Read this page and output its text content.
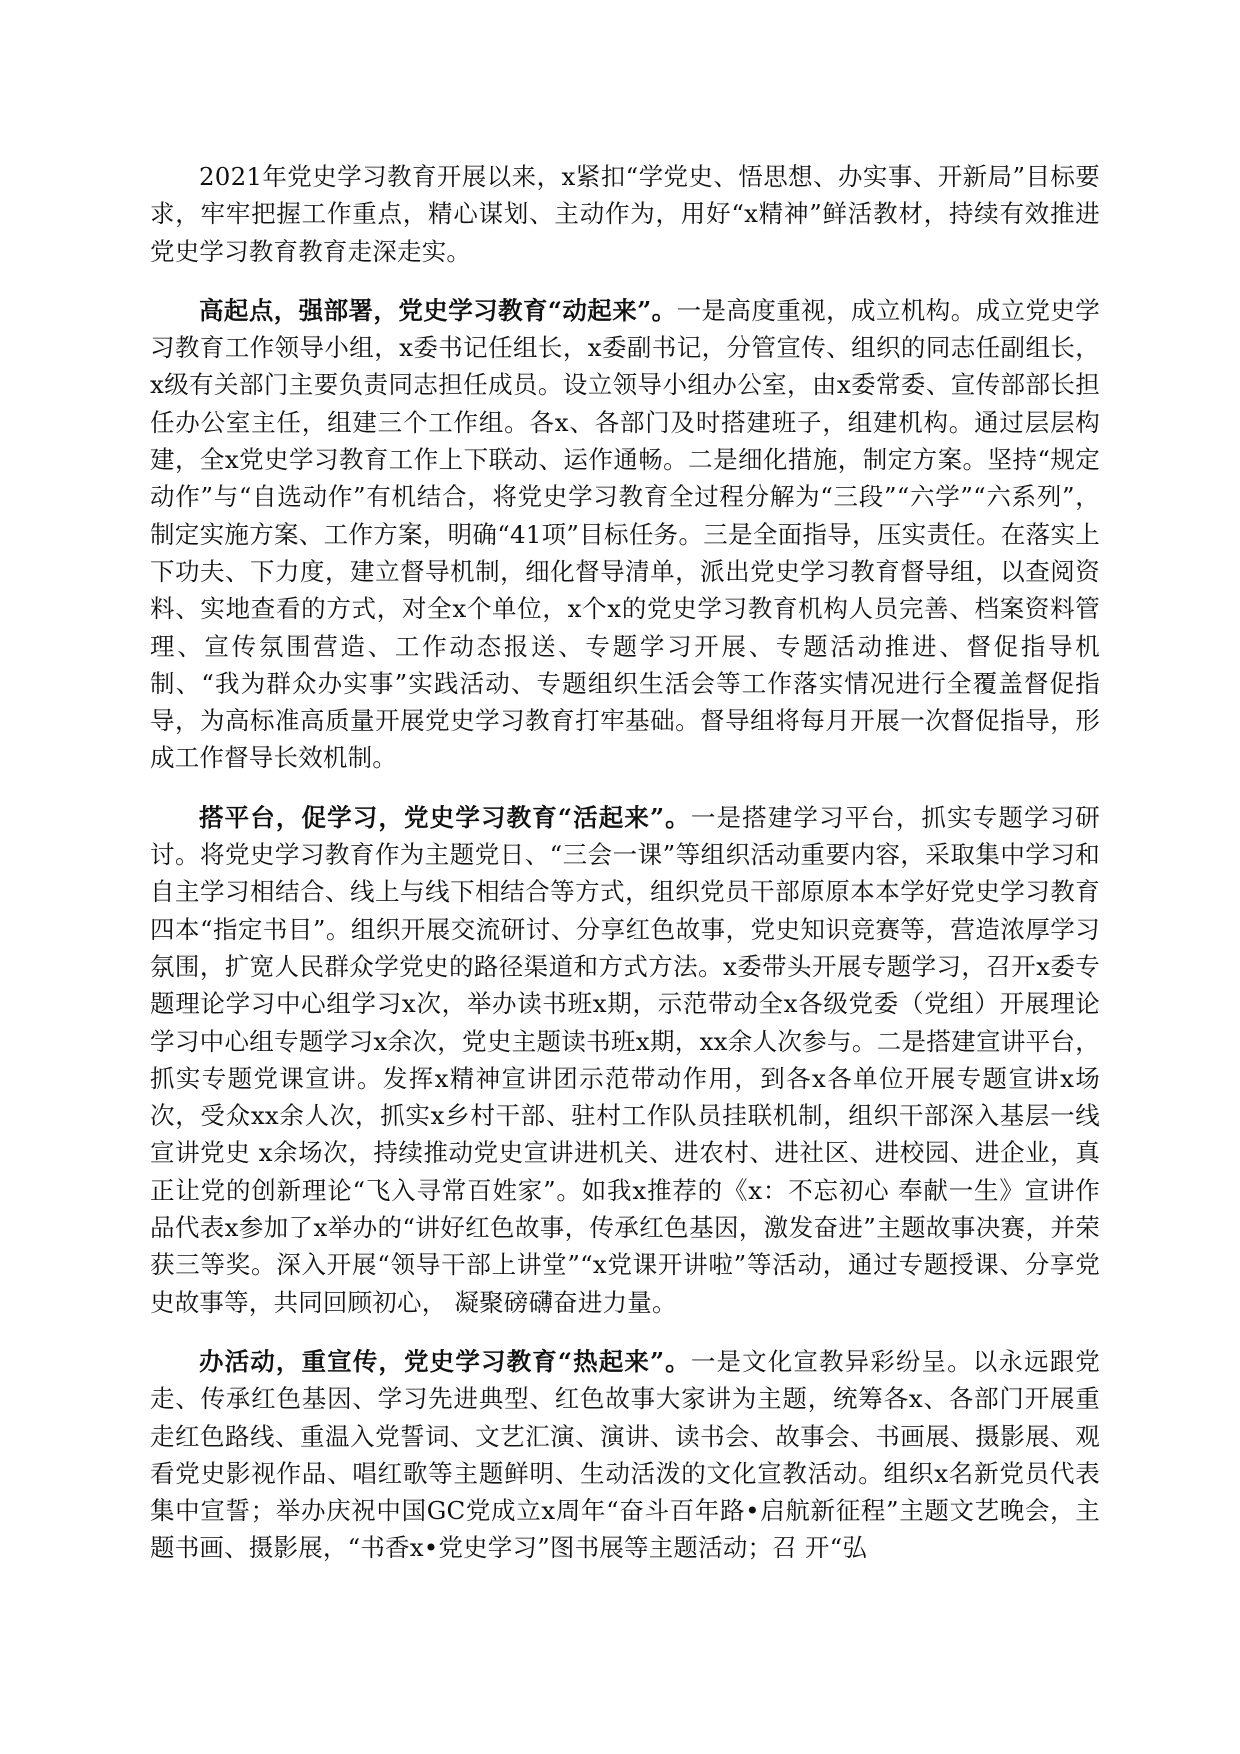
2021年党史学习教育开展以来，x紧扣“学党史、悟思想、办实事、开新局”目标要求，牢牢把握工作重点，精心谋划、主动作为，用好“x精神”鲜活教材，持续有效推进党史学习教育教育走深走实。

高起点，强部署，党史学习教育“动起来”。一是高度重视，成立机构。成立党史学习教育工作领导小组，x委书记任组长，x委副书记，分管宣传、组织的同志任副组长，x级有关部门主要负责同志担任成员。设立领导小组办公室，由x委常委、宣传部部长担任办公室主任，组建三个工作组。各x、各部门及时搭建班子，组建机构。通过层层构建，全x党史学习教育工作上下联动、运作通畅。二是细化措施，制定方案。坚持“规定动作”与“自选动作”有机结合，将党史学习教育全过程分解为“三段”“六学”“六系列”，制定实施方案、工作方案，明确“41项”目标任务。三是全面指导，压实责任。在落实上下功夫、下力度，建立督导机制，细化督导清单，派出党史学习教育督导组，以查阅资料、实地查看的方式，对全x个单位，x个x的党史学习教育机构人员完善、档案资料管理、宣传氛围营造、工作动态报送、专题学习开展、专题活动推进、督促指导机制、“我为群众办实事”实践活动、专题组织生活会等工作落实情况进行全覆盖督促指导，为高标准高质量开展党史学习教育打牢基础。督导组将每月开展一次督促指导，形成工作督导长效机制。

搭平台，促学习，党史学习教育“活起来”。一是搭建学习平台，抓实专题学习研讨。将党史学习教育作为主题党日、“三会一课”等组织活动重要内容，采取集中学习和自主学习相结合、线上与线下相结合等方式，组织党员干部原原本本学好党史学习教育四本“指定书目”。组织开展交流研讨、分享红色故事，党史知识竞赛等，营造浓厚学习氛围，扩宽人民群众学党史的路径渠道和方式方法。x委带头开展专题学习，召开x委专题理论学习中心组学习x次，举办读书班x期，示范带动全x各级党委（党组）开展理论学习中心组专题学习x余次，党史主题读书班x期，xx余人次参与。二是搭建宣讲平台，抓实专题党课宣讲。发挥x精神宣讲团示范带动作用，到各x各单位开展专题宣讲x场次，受众xx余人次，抓实x乡村干部、驻村工作队员挂联机制，组织干部深入基层一线宣讲党史 x余场次，持续推动党史宣讲进机关、进农村、进社区、进校园、进企业，真正让党的创新理论“飞入寻常百姓家”。如我x推荐的《x：不忘初心 奉献一生》宣讲作品代表x参加了x举办的“讲好红色故事，传承红色基因，激发奋进”主题故事决赛，并荣获三等奖。深入开展“领导干部上讲堂”“x党课开讲啦”等活动，通过专题授课、分享党史故事等，共同回顾初心， 凝聚磅礴奋进力量。

办活动，重宣传，党史学习教育“热起来”。一是文化宣教异彩纷呈。以永远跟党走、传承红色基因、学习先进典型、红色故事大家讲为主题，统筹各x、各部门开展重走红色路线、重温入党誓词、文艺汇演、演讲、读书会、故事会、书画展、摄影展、观看党史影视作品、唱红歌等主题鲜明、生动活泼的文化宣教活动。组织x名新党员代表集中宣誓；举办庆祝中国GC党成立x周年“奋斗百年路•启航新征程”主题文艺晚会，主题书画、摄影展，“书香x•党史学习”图书展等主题活动；召 开“弘
